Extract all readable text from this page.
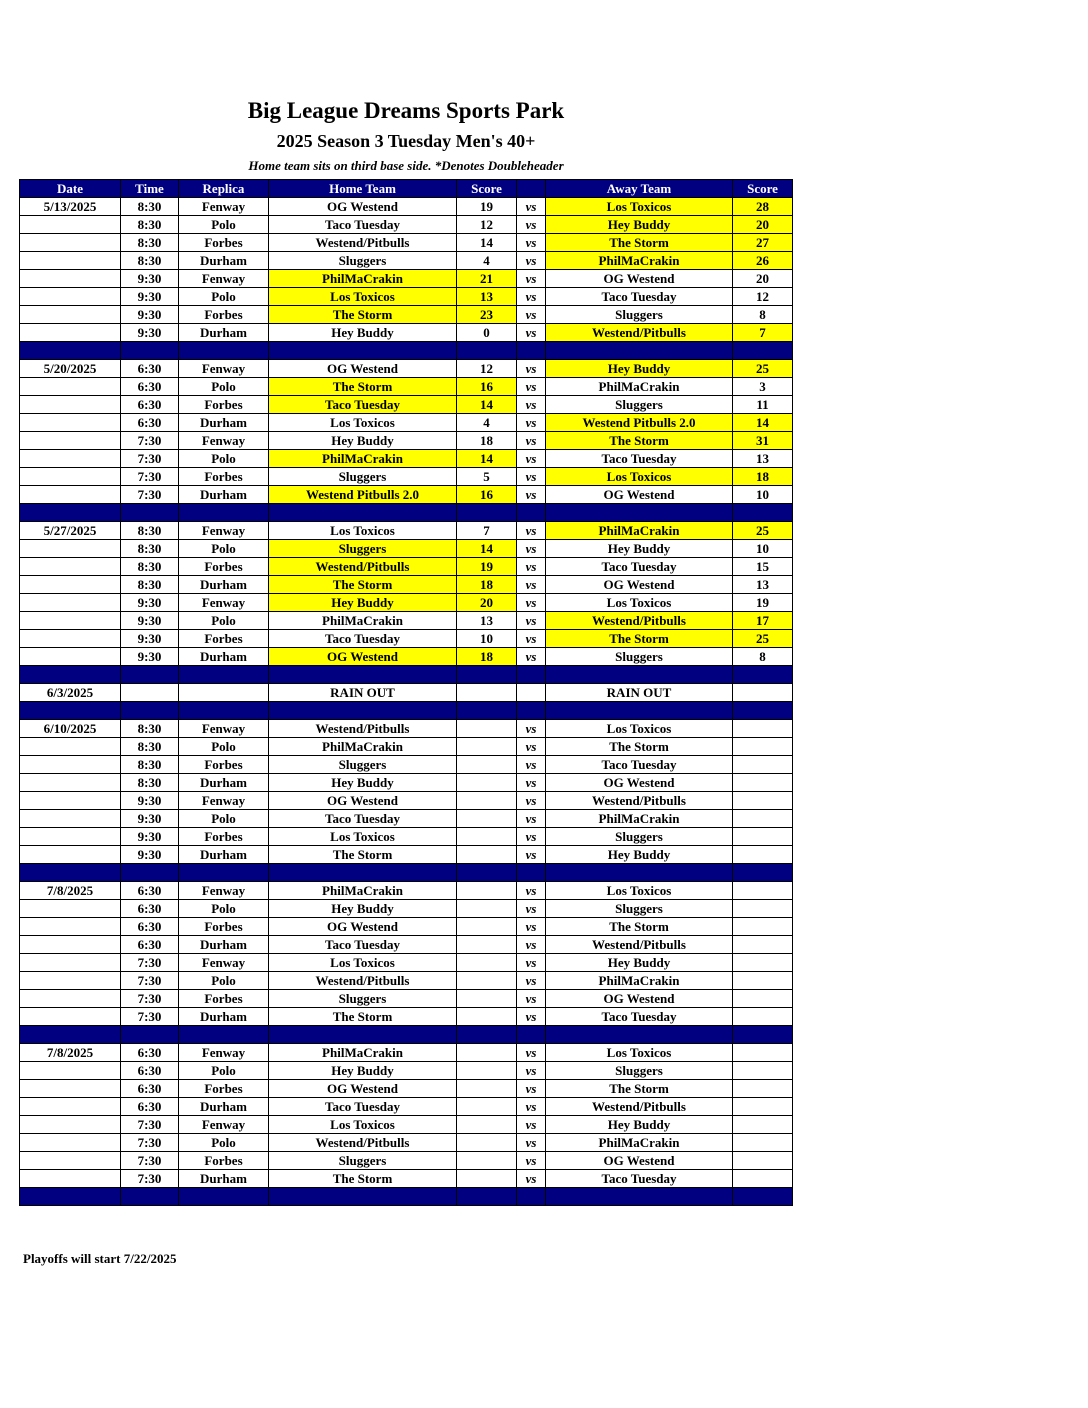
Big League Dreams Sports Park
2025 Season 3 Tuesday Men's 40+
Home team sits on third base side. *Denotes Doubleheader
Date	Time	Replica	Home Team	Score		Away Team	Score
5/13/2025	8:30	Fenway	OG Westend	19	vs	Los Toxicos	28
	8:30	Polo	Taco Tuesday	12	vs	Hey Buddy	20
	8:30	Forbes	Westend/Pitbulls	14	vs	The Storm	27
	8:30	Durham	Sluggers	4	vs	PhilMaCrakin	26
	9:30	Fenway	PhilMaCrakin	21	vs	OG Westend	20
	9:30	Polo	Los Toxicos	13	vs	Taco Tuesday	12
	9:30	Forbes	The Storm	23	vs	Sluggers	8
	9:30	Durham	Hey Buddy	0	vs	Westend/Pitbulls	7

5/20/2025	6:30	Fenway	OG Westend	12	vs	Hey Buddy	25
	6:30	Polo	The Storm	16	vs	PhilMaCrakin	3
	6:30	Forbes	Taco Tuesday	14	vs	Sluggers	11
	6:30	Durham	Los Toxicos	4	vs	Westend Pitbulls 2.0	14
	7:30	Fenway	Hey Buddy	18	vs	The Storm	31
	7:30	Polo	PhilMaCrakin	14	vs	Taco Tuesday	13
	7:30	Forbes	Sluggers	5	vs	Los Toxicos	18
	7:30	Durham	Westend Pitbulls 2.0	16	vs	OG Westend	10

5/27/2025	8:30	Fenway	Los Toxicos	7	vs	PhilMaCrakin	25
	8:30	Polo	Sluggers	14	vs	Hey Buddy	10
	8:30	Forbes	Westend/Pitbulls	19	vs	Taco Tuesday	15
	8:30	Durham	The Storm	18	vs	OG Westend	13
	9:30	Fenway	Hey Buddy	20	vs	Los Toxicos	19
	9:30	Polo	PhilMaCrakin	13	vs	Westend/Pitbulls	17
	9:30	Forbes	Taco Tuesday	10	vs	The Storm	25
	9:30	Durham	OG Westend	18	vs	Sluggers	8

6/3/2025			RAIN OUT			RAIN OUT	

6/10/2025	8:30	Fenway	Westend/Pitbulls		vs	Los Toxicos	
	8:30	Polo	PhilMaCrakin		vs	The Storm	
	8:30	Forbes	Sluggers		vs	Taco Tuesday	
	8:30	Durham	Hey Buddy		vs	OG Westend	
	9:30	Fenway	OG Westend		vs	Westend/Pitbulls	
	9:30	Polo	Taco Tuesday		vs	PhilMaCrakin	
	9:30	Forbes	Los Toxicos		vs	Sluggers	
	9:30	Durham	The Storm		vs	Hey Buddy	

7/8/2025	6:30	Fenway	PhilMaCrakin		vs	Los Toxicos	
	6:30	Polo	Hey Buddy		vs	Sluggers	
	6:30	Forbes	OG Westend		vs	The Storm	
	6:30	Durham	Taco Tuesday		vs	Westend/Pitbulls	
	7:30	Fenway	Los Toxicos		vs	Hey Buddy	
	7:30	Polo	Westend/Pitbulls		vs	PhilMaCrakin	
	7:30	Forbes	Sluggers		vs	OG Westend	
	7:30	Durham	The Storm		vs	Taco Tuesday	

7/8/2025	6:30	Fenway	PhilMaCrakin		vs	Los Toxicos	
	6:30	Polo	Hey Buddy		vs	Sluggers	
	6:30	Forbes	OG Westend		vs	The Storm	
	6:30	Durham	Taco Tuesday		vs	Westend/Pitbulls	
	7:30	Fenway	Los Toxicos		vs	Hey Buddy	
	7:30	Polo	Westend/Pitbulls		vs	PhilMaCrakin	
	7:30	Forbes	Sluggers		vs	OG Westend	
	7:30	Durham	The Storm		vs	Taco Tuesday	

Playoffs will start 7/22/2025
